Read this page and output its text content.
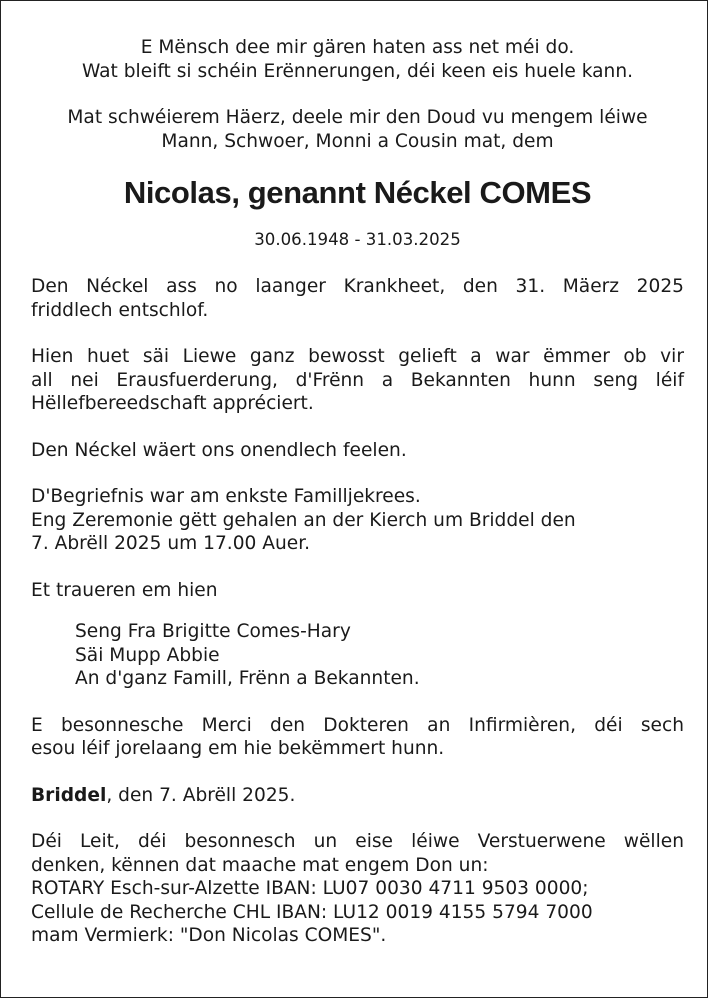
E Mënsch dee mir gären haten ass net méi do.
Wat bleift si schéin Erënnerungen, déi keen eis huele kann.
Mat schwéierem Häerz, deele mir den Doud vu mengem léiwe
Mann, Schwoer, Monni a Cousin mat, dem
Nicolas, genannt Néckel COMES
30.06.1948 - 31.03.2025
Den Néckel ass no laanger Krankheet, den 31. Mäerz 2025
friddlech entschlof.
Hien huet säi Liewe ganz bewosst gelieft a war ëmmer ob vir
all nei Erausfuerderung, d'Frënn a Bekannten hunn seng léif
Hëllefbereedschaft appréciert.
Den Néckel wäert ons onendlech feelen.
D'Begriefnis war am enkste Familljekrees.
Eng Zeremonie gëtt gehalen an der Kierch um Briddel den
7. Abrëll 2025 um 17.00 Auer.
Et traueren em hien
Seng Fra Brigitte Comes-Hary
Säi Mupp Abbie
An d'ganz Famill, Frënn a Bekannten.
E besonnesche Merci den Dokteren an Infirmièren, déi sech
esou léif jorelaang em hie bekëmmert hunn.
Briddel, den 7. Abrëll 2025.
Déi Leit, déi besonnesch un eise léiwe Verstuerwene wëllen
denken, kënnen dat maache mat engem Don un:
ROTARY Esch-sur-Alzette IBAN: LU07 0030 4711 9503 0000;
Cellule de Recherche CHL IBAN: LU12 0019 4155 5794 7000
mam Vermierk: "Don Nicolas COMES".
